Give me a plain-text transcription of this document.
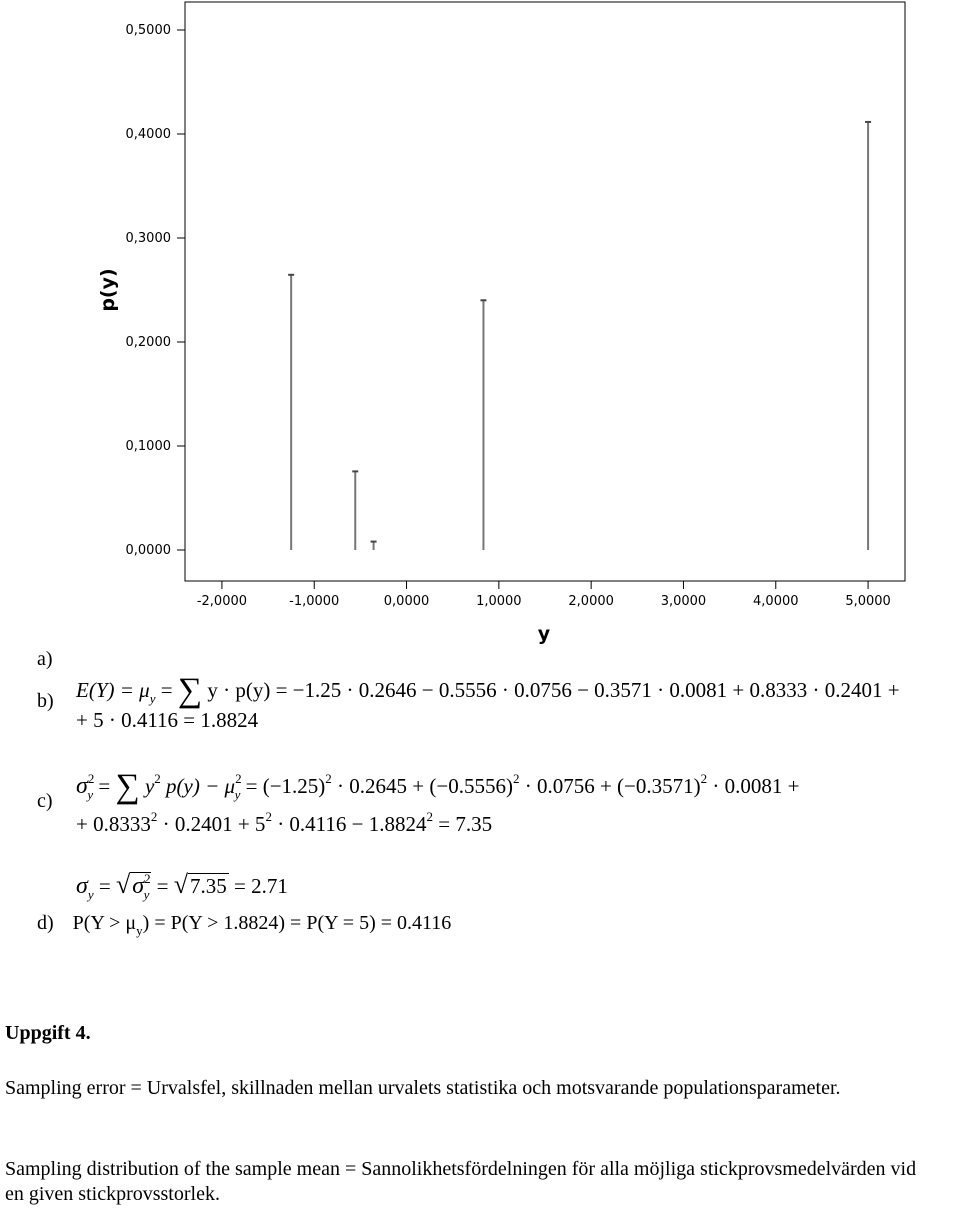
0,0000
0,1000
0,2000
0,3000
0,4000
0,5000
-2,0000	-1,0000	0,0000	1,0000	2,0000	3,0000	4,0000	5,0000
p(y)
y
a)
b) $E(Y) = \mu_y$ = ∑ y · p(y) = −1.25 · 0.2646 − 0.5556 · 0.0756 − 0.3571 · 0.0081 + 0.8333 · 0.2401 +
+ 5 · 0.4116 = 1.8824
c)
$\sigma^2_y$ = ∑ $y^2$ $p(y) - \mu^2_y = (-1.25)^2 \cdot 0.2645 + (-0.5556)^2 \cdot 0.0756 + (-0.3571)^2 \cdot 0.0081$ +
+ $0.8333^2 \cdot 0.2401 + 5^2 \cdot 0.4116 - 1.8824^2 = 7.35$
$\sigma_y = √\sigma^2_y = √7.35 = 2.71$
d) $P(Y > \mu_y) = P(Y > 1.8824) = P(Y = 5) = 0.4116$
Uppgift 4.
Sampling error = Urvalsfel, skillnaden mellan urvalets statistika och motsvarande populationsparameter.
Sampling distribution of the sample mean = Sannolikhetsfördelningen för alla möjliga stickprovsmedelvärden vid en given stickprovsstorlek.
